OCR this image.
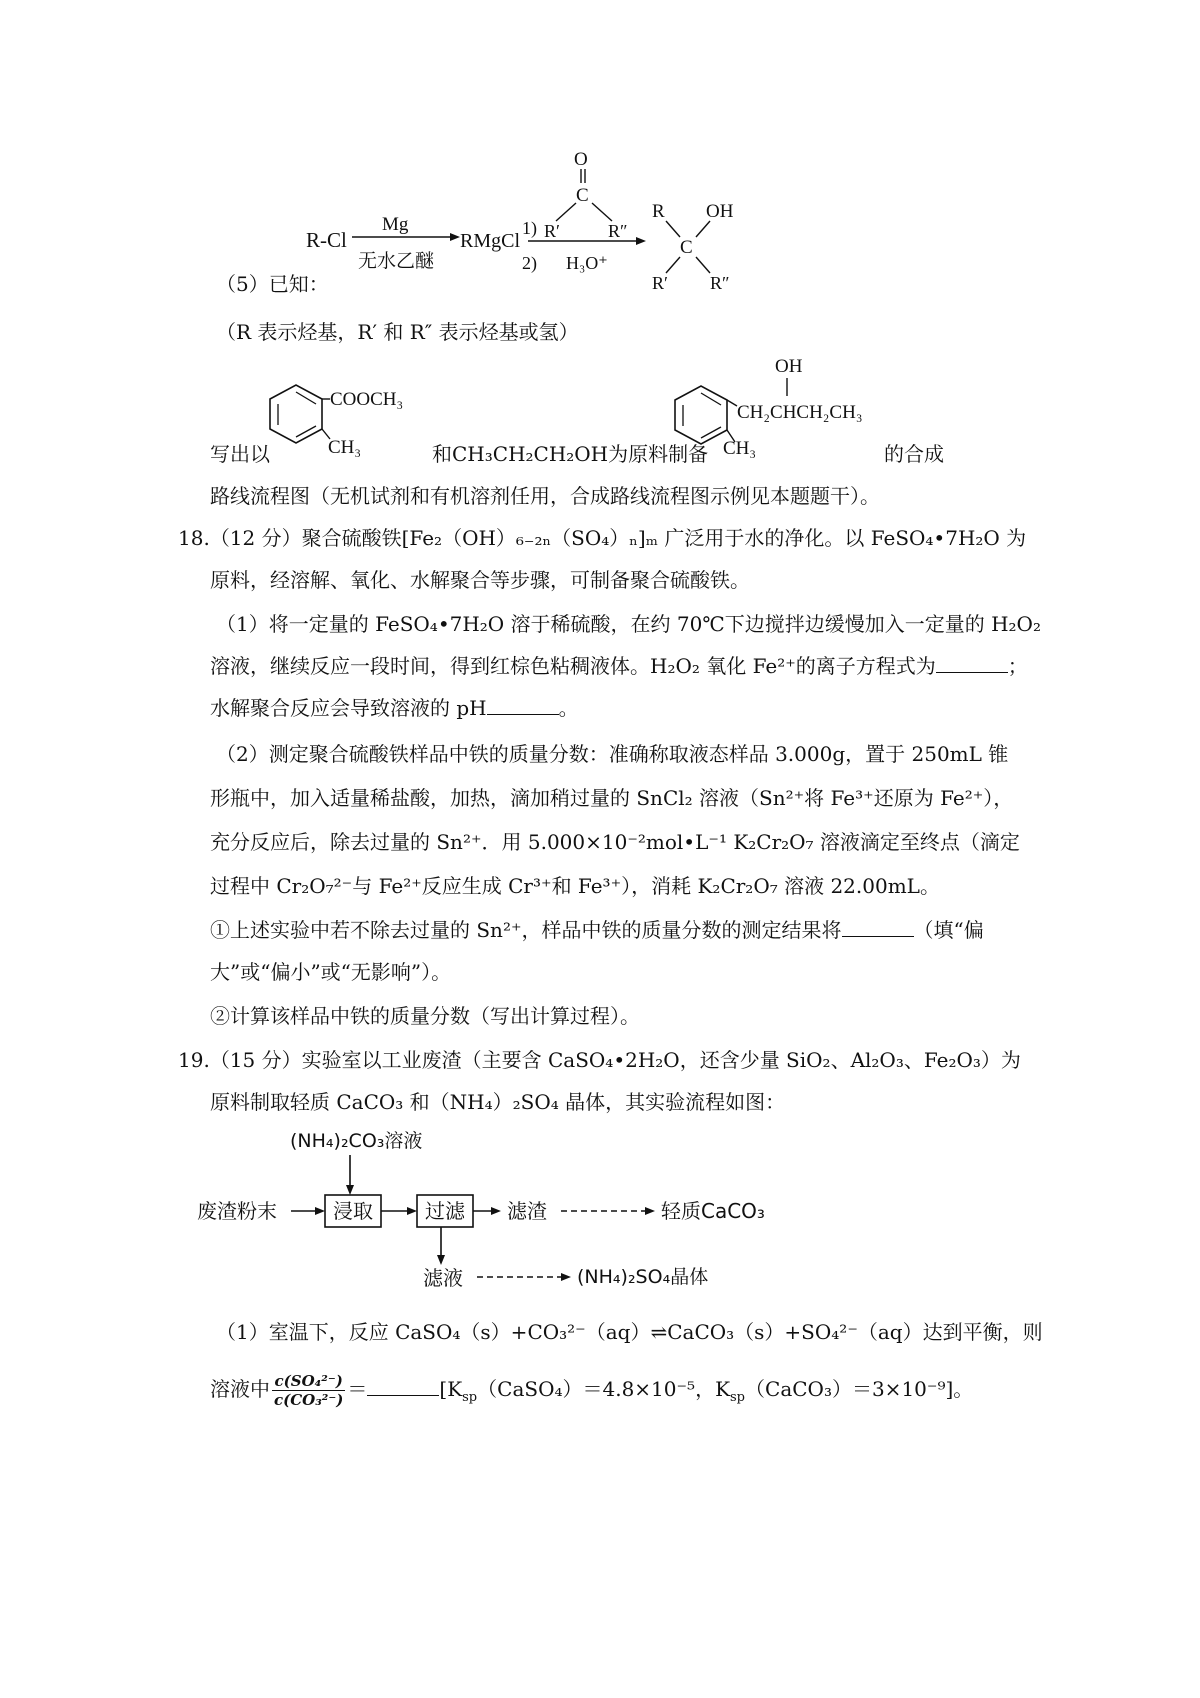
R-Cl
Mg
无水乙醚
RMgCl
1)
2)
O
C
R′	R″
H₃O⁺
R OH
C
R′ R″
（5）已知：
（R 表示烃基，R′ 和 R″ 表示烃基或氢）
COOCH₃
CH₃
OH
CH₂CHCH₂CH₃
CH₃
写出以	和CH₃CH₂CH₂OH为原料制备	的合成
路线流程图（无机试剂和有机溶剂任用，合成路线流程图示例见本题题干）。
18.（12 分）聚合硫酸铁[Fe₂（OH）₆₋₂ₙ（SO₄）ₙ]ₘ 广泛用于水的净化。以 FeSO₄•7H₂O 为
原料，经溶解、氧化、水解聚合等步骤，可制备聚合硫酸铁。
（1）将一定量的 FeSO₄•7H₂O 溶于稀硫酸，在约 70℃下边搅拌边缓慢加入一定量的 H₂O₂
溶液，继续反应一段时间，得到红棕色粘稠液体。H₂O₂ 氧化 Fe²⁺的离子方程式为	；
水解聚合反应会导致溶液的 pH	。
（2）测定聚合硫酸铁样品中铁的质量分数：准确称取液态样品 3.000g，置于 250mL 锥
形瓶中，加入适量稀盐酸，加热，滴加稍过量的 SnCl₂ 溶液（Sn²⁺将 Fe³⁺还原为 Fe²⁺），
充分反应后，除去过量的 Sn²⁺．用 5.000×10⁻²mol•L⁻¹ K₂Cr₂O₇ 溶液滴定至终点（滴定
过程中 Cr₂O₇²⁻与 Fe²⁺反应生成 Cr³⁺和 Fe³⁺），消耗 K₂Cr₂O₇ 溶液 22.00mL。
①上述实验中若不除去过量的 Sn²⁺，样品中铁的质量分数的测定结果将	（填“偏
大”或“偏小”或“无影响”）。
②计算该样品中铁的质量分数（写出计算过程）。
19.（15 分）实验室以工业废渣（主要含 CaSO₄•2H₂O，还含少量 SiO₂、Al₂O₃、Fe₂O₃）为
原料制取轻质 CaCO₃ 和（NH₄）₂SO₄ 晶体，其实验流程如图：
(NH₄)₂CO₃溶液
废渣粉末	浸取	过滤 滤渣	轻质CaCO₃
滤液	(NH₄)₂SO₄晶体
（1）室温下，反应 CaSO₄（s）+CO₃²⁻（aq）⇌CaCO₃（s）+SO₄²⁻（aq）达到平衡，则
溶液中 $\frac{\text{c(SO₄²⁻)}}{\text{c(CO₃²⁻)}}$ ＝	[$K_{sp}(CaSO_4)=4.8\times 10^{-5}$，$K_{sp}(CaCO_3)=3\times 10^{-9}$]。
